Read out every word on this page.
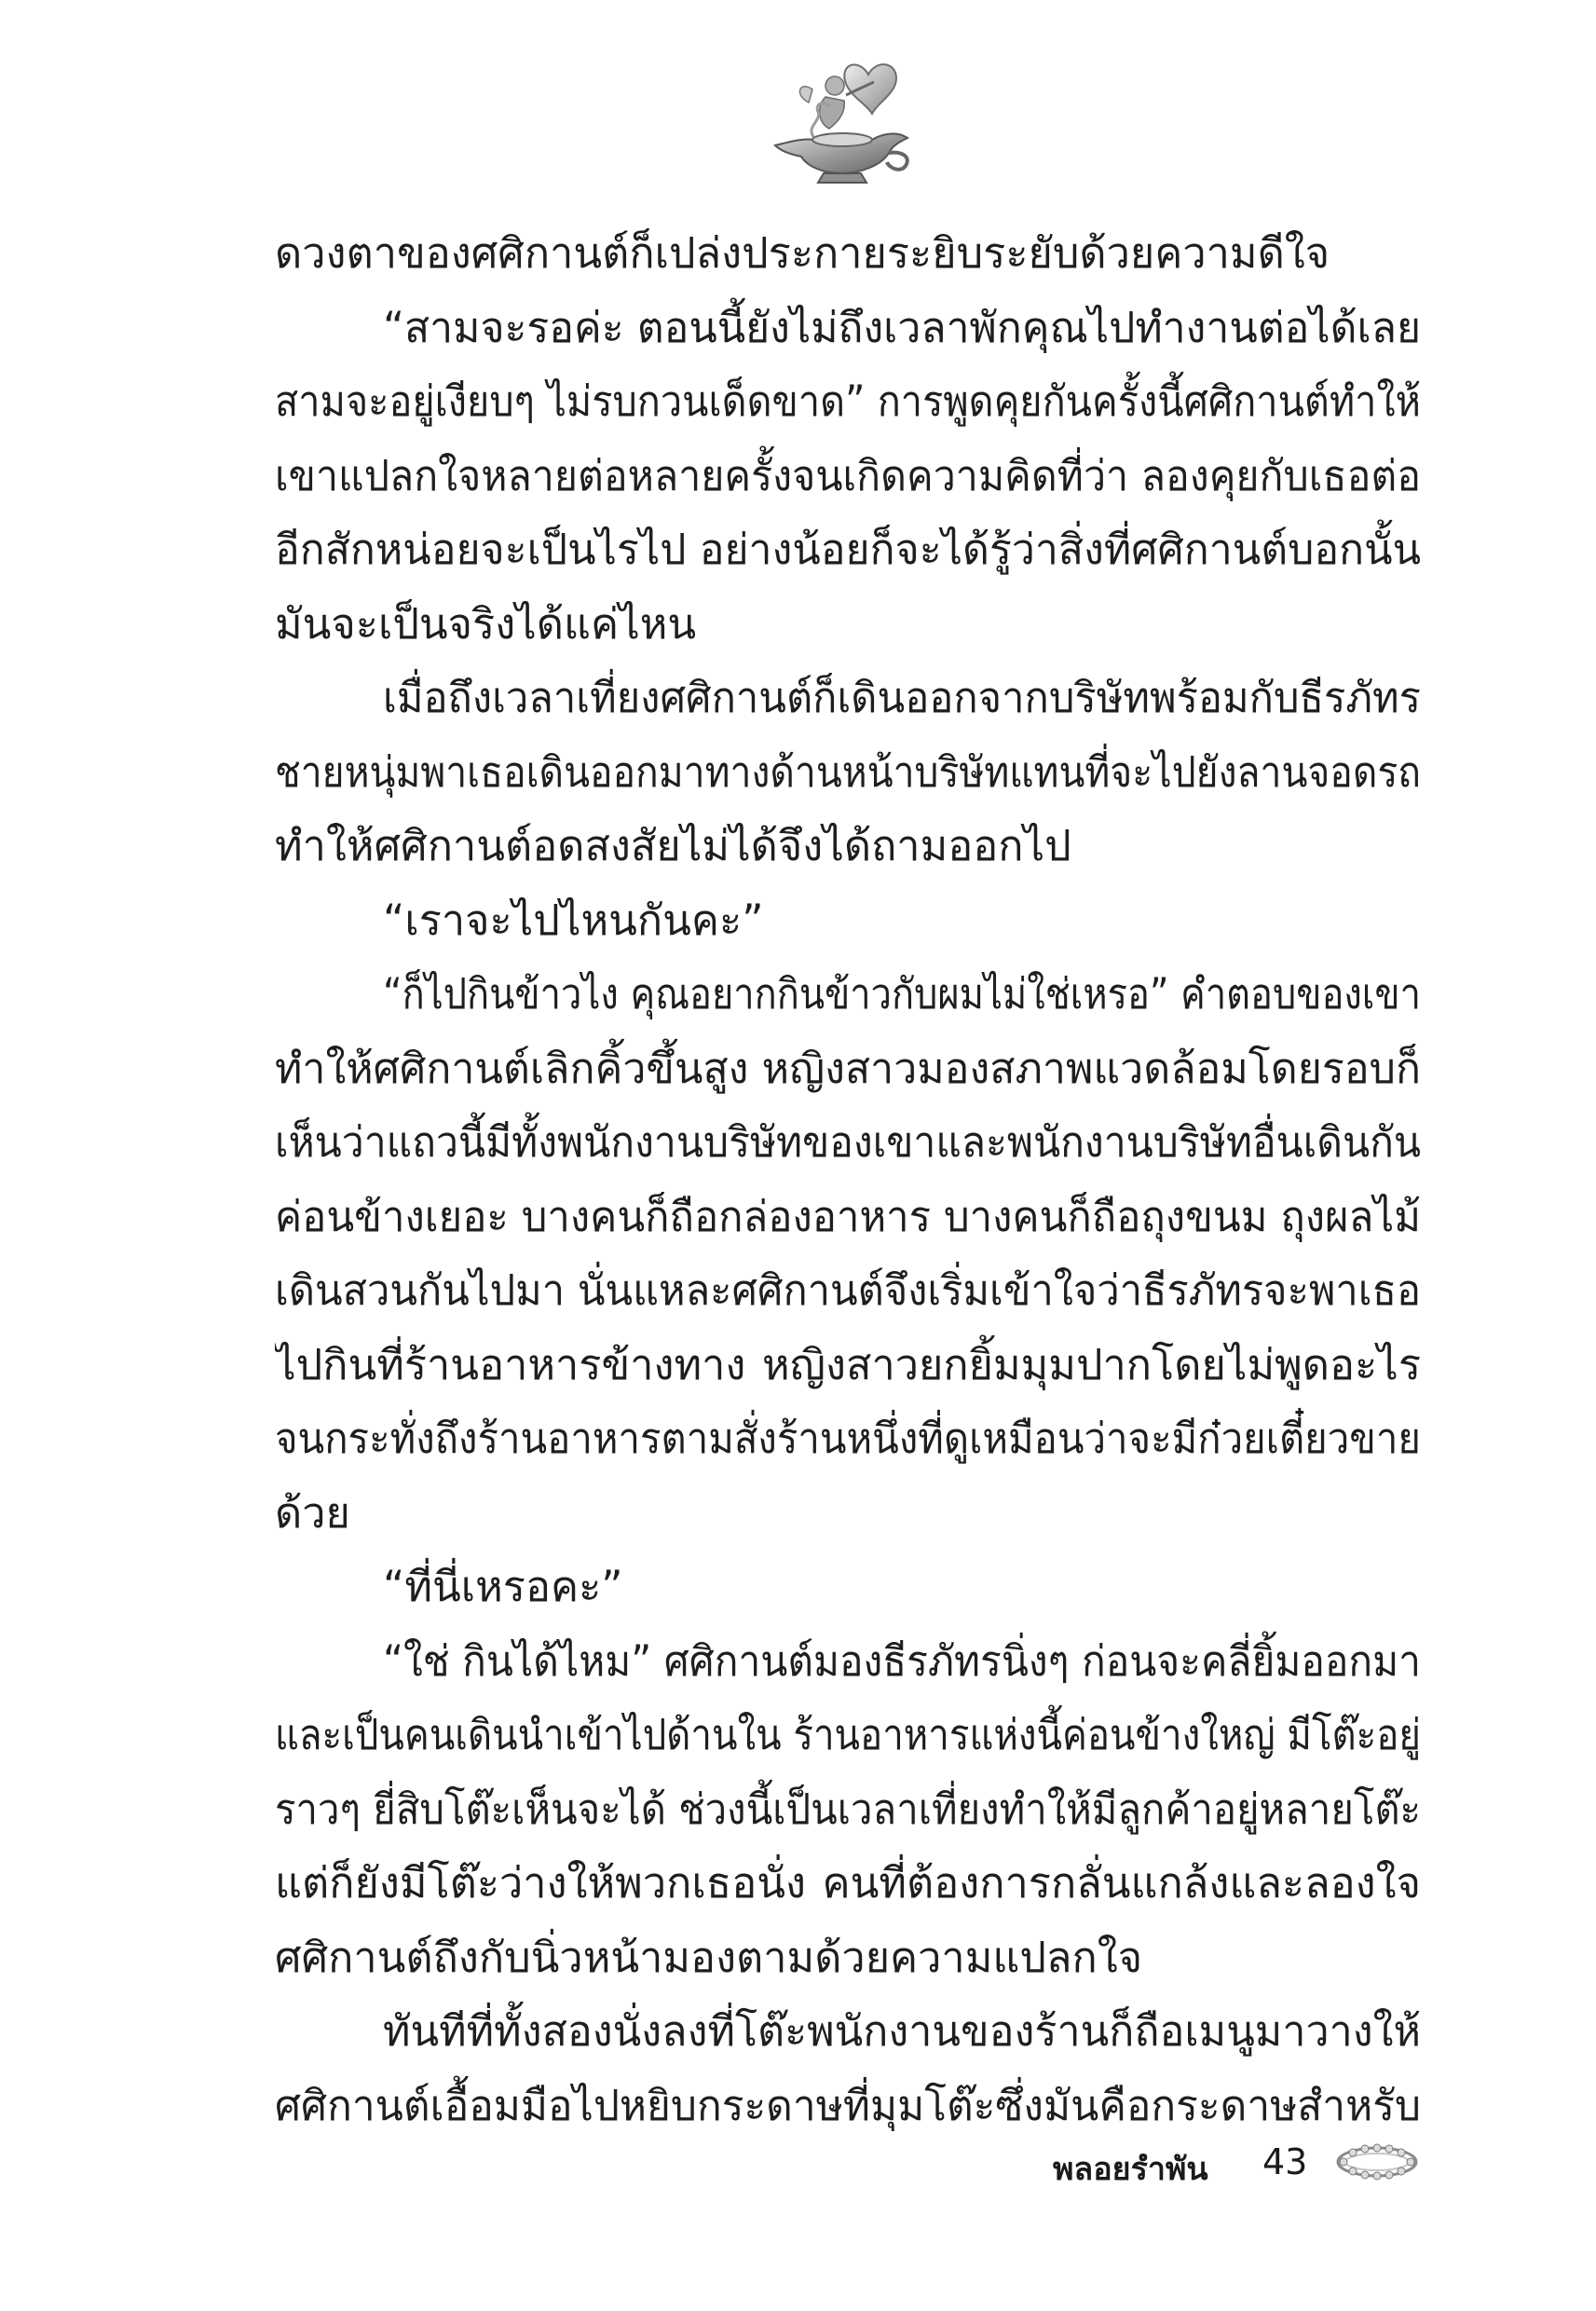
ดวงตาของศศิกานต์ก็เปล่งประกายระยิบระยับด้วยความดีใจ
“สามจะรอค่ะ ตอนนี้ยังไม่ถึงเวลาพักคุณไปทำงานต่อได้เลย
สามจะอยู่เงียบๆ ไม่รบกวนเด็ดขาด” การพูดคุยกันครั้งนี้ศศิกานต์ทำให้
เขาแปลกใจหลายต่อหลายครั้งจนเกิดความคิดที่ว่า ลองคุยกับเธอต่อ
อีกสักหน่อยจะเป็นไรไป อย่างน้อยก็จะได้รู้ว่าสิ่งที่ศศิกานต์บอกนั้น
มันจะเป็นจริงได้แค่ไหน
เมื่อถึงเวลาเที่ยงศศิกานต์ก็เดินออกจากบริษัทพร้อมกับธีรภัทร
ชายหนุ่มพาเธอเดินออกมาทางด้านหน้าบริษัทแทนที่จะไปยังลานจอดรถ
ทำให้ศศิกานต์อดสงสัยไม่ได้จึงได้ถามออกไป
“เราจะไปไหนกันคะ”
“ก็ไปกินข้าวไง คุณอยากกินข้าวกับผมไม่ใช่เหรอ” คำตอบของเขา
ทำให้ศศิกานต์เลิกคิ้วขึ้นสูง หญิงสาวมองสภาพแวดล้อมโดยรอบก็
เห็นว่าแถวนี้มีทั้งพนักงานบริษัทของเขาและพนักงานบริษัทอื่นเดินกัน
ค่อนข้างเยอะ บางคนก็ถือกล่องอาหาร บางคนก็ถือถุงขนม ถุงผลไม้
เดินสวนกันไปมา นั่นแหละศศิกานต์จึงเริ่มเข้าใจว่าธีรภัทรจะพาเธอ
ไปกินที่ร้านอาหารข้างทาง หญิงสาวยกยิ้มมุมปากโดยไม่พูดอะไร
จนกระทั่งถึงร้านอาหารตามสั่งร้านหนึ่งที่ดูเหมือนว่าจะมีก๋วยเตี๋ยวขาย
ด้วย
“ที่นี่เหรอคะ”
“ใช่ กินได้ไหม” ศศิกานต์มองธีรภัทรนิ่งๆ ก่อนจะคลี่ยิ้มออกมา
และเป็นคนเดินนำเข้าไปด้านใน ร้านอาหารแห่งนี้ค่อนข้างใหญ่ มีโต๊ะอยู่
ราวๆ ยี่สิบโต๊ะเห็นจะได้ ช่วงนี้เป็นเวลาเที่ยงทำให้มีลูกค้าอยู่หลายโต๊ะ
แต่ก็ยังมีโต๊ะว่างให้พวกเธอนั่ง คนที่ต้องการกลั่นแกล้งและลองใจ
ศศิกานต์ถึงกับนิ่วหน้ามองตามด้วยความแปลกใจ
ทันทีที่ทั้งสองนั่งลงที่โต๊ะพนักงานของร้านก็ถือเมนูมาวางให้
ศศิกานต์เอื้อมมือไปหยิบกระดาษที่มุมโต๊ะซึ่งมันคือกระดาษสำหรับ
พลอยรำพัน 43
